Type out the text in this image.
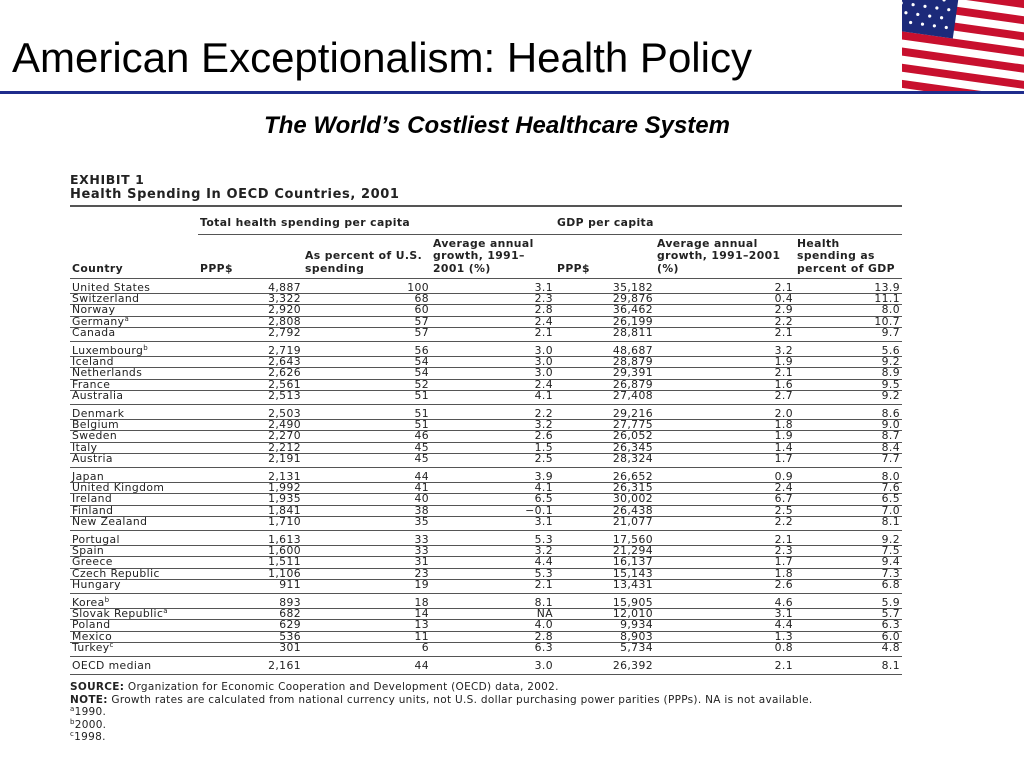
American Exceptionalism: Health Policy
The World’s Costliest Healthcare System
EXHIBIT 1
Health Spending In OECD Countries, 2001
	Total health spending per capita			GDP per capita		
Country	PPP$	As percent of U.S. spending	Average annual growth, 1991–2001 (%)	PPP$	Average annual growth, 1991–2001 (%)	Health spending as percent of GDP
United States	4,887	100	3.1	35,182	2.1	13.9
Switzerland	3,322	68	2.3	29,876	0.4	11.1
Norway	2,920	60	2.8	36,462	2.9	8.0
Germany$^a$	2,808	57	2.4	26,199	2.2	10.7
Canada	2,792	57	2.1	28,811	2.1	9.7
Luxembourg$^b$	2,719	56	3.0	48,687	3.2	5.6
Iceland	2,643	54	3.0	28,879	1.9	9.2
Netherlands	2,626	54	3.0	29,391	2.1	8.9
France	2,561	52	2.4	26,879	1.6	9.5
Australia	2,513	51	4.1	27,408	2.7	9.2
Denmark	2,503	51	2.2	29,216	2.0	8.6
Belgium	2,490	51	3.2	27,775	1.8	9.0
Sweden	2,270	46	2.6	26,052	1.9	8.7
Italy	2,212	45	1.5	26,345	1.4	8.4
Austria	2,191	45	2.5	28,324	1.7	7.7
Japan	2,131	44	3.9	26,652	0.9	8.0
United Kingdom	1,992	41	4.1	26,315	2.4	7.6
Ireland	1,935	40	6.5	30,002	6.7	6.5
Finland	1,841	38	−0.1	26,438	2.5	7.0
New Zealand	1,710	35	3.1	21,077	2.2	8.1
Portugal	1,613	33	5.3	17,560	2.1	9.2
Spain	1,600	33	3.2	21,294	2.3	7.5
Greece	1,511	31	4.4	16,137	1.7	9.4
Czech Republic	1,106	23	5.3	15,143	1.8	7.3
Hungary	911	19	2.1	13,431	2.6	6.8
Korea$^b$	893	18	8.1	15,905	4.6	5.9
Slovak Republic$^a$	682	14	NA	12,010	3.1	5.7
Poland	629	13	4.0	9,934	4.4	6.3
Mexico	536	11	2.8	8,903	1.3	6.0
Turkey$^c$	301	6	6.3	5,734	0.8	4.8
OECD median	2,161	44	3.0	26,392	2.1	8.1
SOURCE: Organization for Economic Cooperation and Development (OECD) data, 2002.
NOTE: Growth rates are calculated from national currency units, not U.S. dollar purchasing power parities (PPPs). NA is not available.
$^a$1990.
$^b$2000.
$^c$1998.
